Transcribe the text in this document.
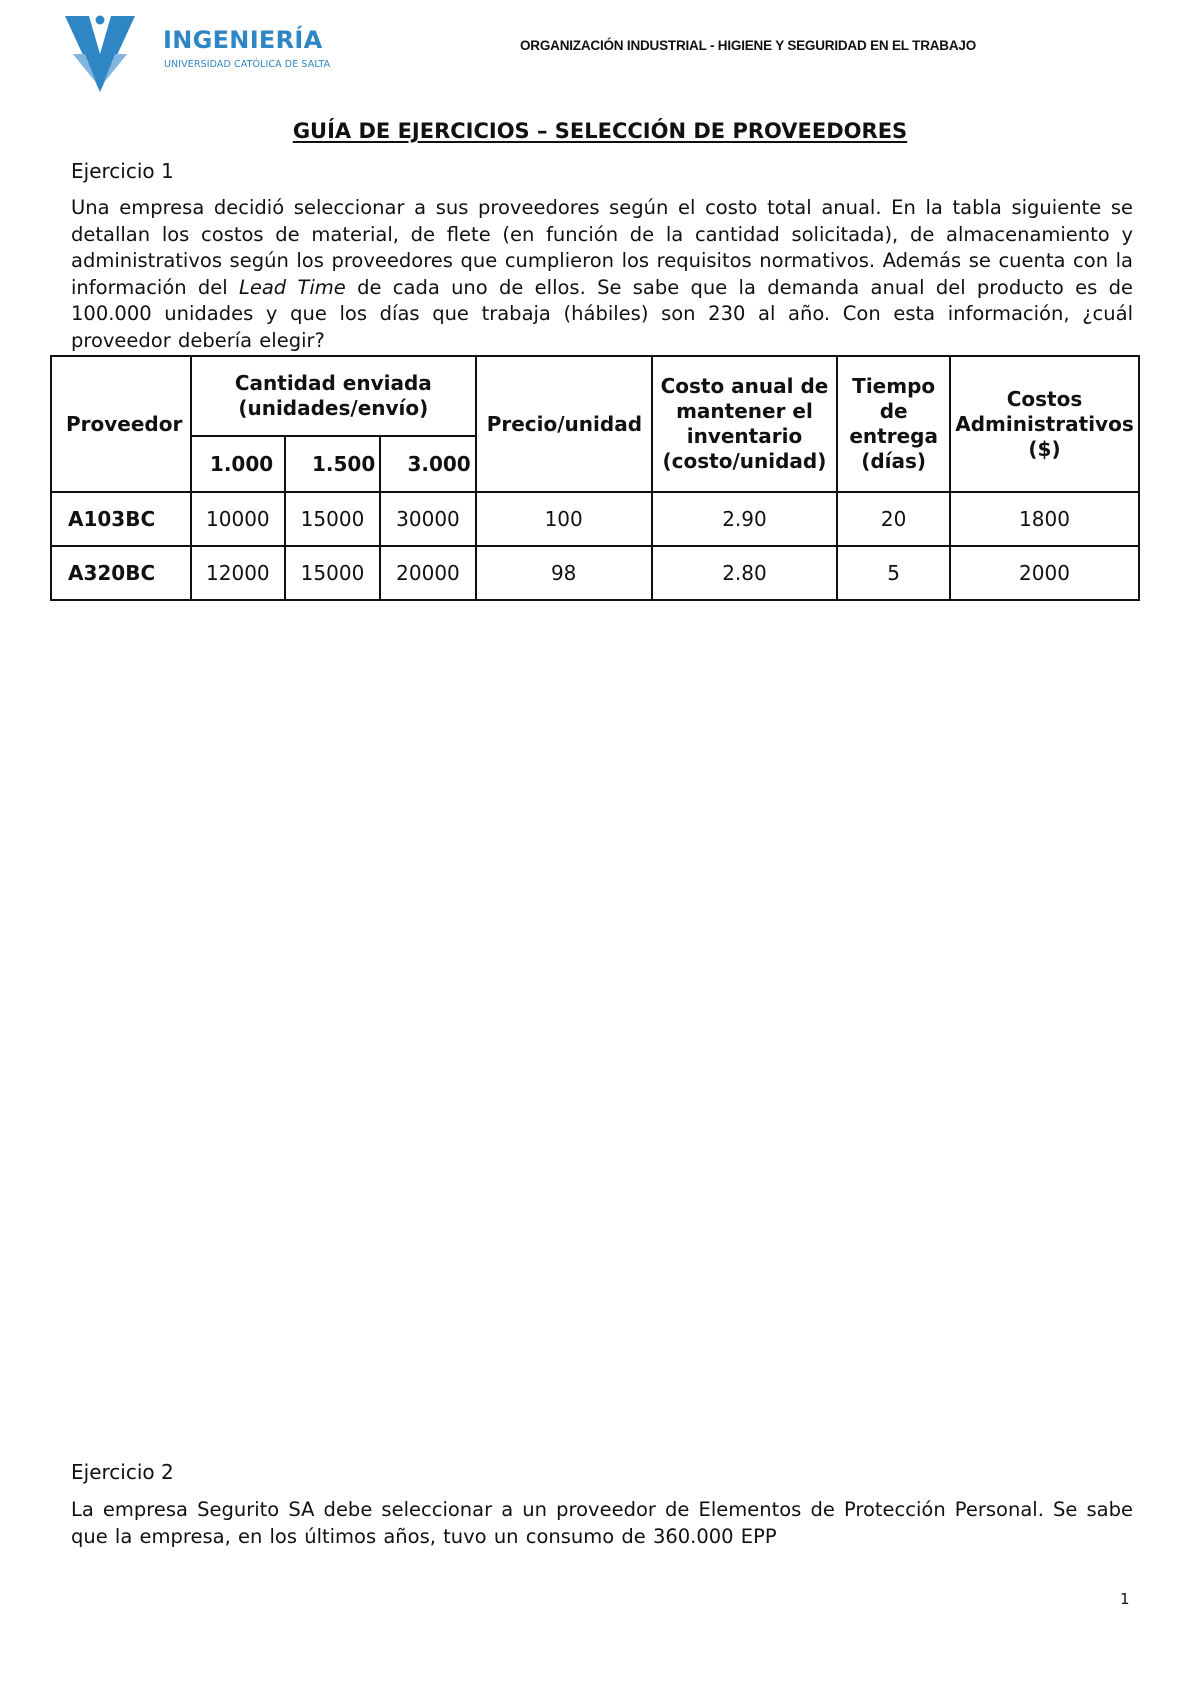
INGENIERÍA
UNIVERSIDAD CATÓLICA DE SALTA
ORGANIZACIÓN INDUSTRIAL - HIGIENE Y SEGURIDAD EN EL TRABAJO
GUÍA DE EJERCICIOS – SELECCIÓN DE PROVEEDORES
Ejercicio 1
Una empresa decidió seleccionar a sus proveedores según el costo total anual. En la tabla siguiente se detallan los costos de material, de flete (en función de la cantidad solicitada), de almacenamiento y administrativos según los proveedores que cumplieron los requisitos normativos. Además se cuenta con la información del Lead Time de cada uno de ellos. Se sabe que la demanda anual del producto es de 100.000 unidades y que los días que trabaja (hábiles) son 230 al año. Con esta información, ¿cuál proveedor debería elegir?
Proveedor	Cantidad enviada (unidades/envío)			Precio/unidad	Costo anual de mantener el inventario (costo/unidad)	Tiempo de entrega (días)	Costos Administrativos ($)
	1.000	1.500	3.000				
A103BC	10000	15000	30000	100	2.90	20	1800
A320BC	12000	15000	20000	98	2.80	5	2000
Ejercicio 2
La empresa Segurito SA debe seleccionar a un proveedor de Elementos de Protección Personal. Se sabe que la empresa, en los últimos años, tuvo un consumo de 360.000 EPP
1
